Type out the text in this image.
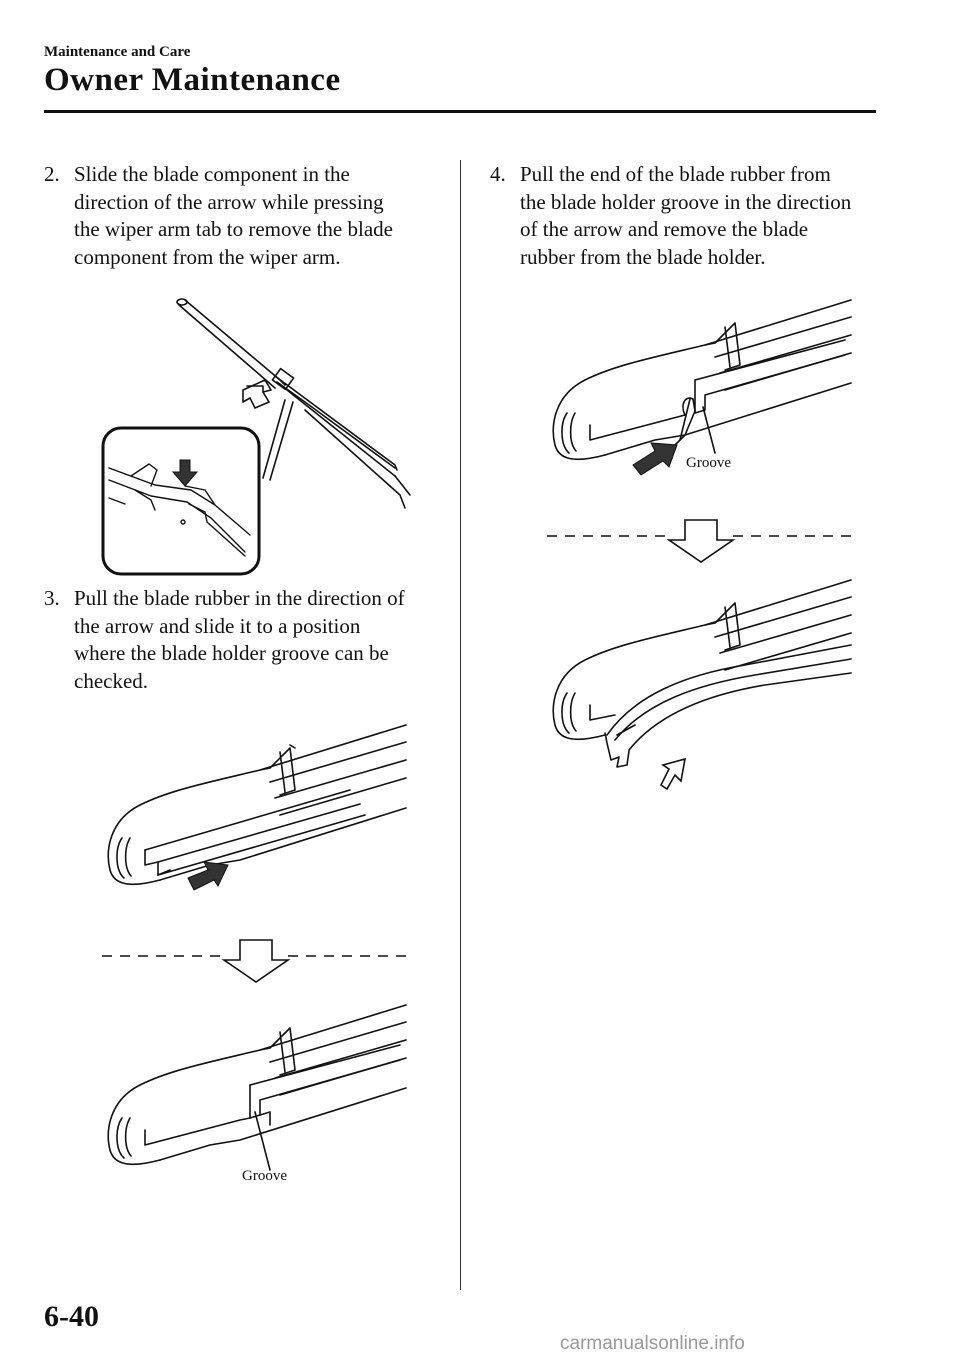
Maintenance and Care
Owner Maintenance
2. Slide the blade component in the
direction of the arrow while pressing
the wiper arm tab to remove the blade
component from the wiper arm.
3. Pull the blade rubber in the direction of
the arrow and slide it to a position
where the blade holder groove can be
checked.
Groove
4. Pull the end of the blade rubber from
the blade holder groove in the direction
of the arrow and remove the blade
rubber from the blade holder.
Groove
6-40
carmanualsonline.info
